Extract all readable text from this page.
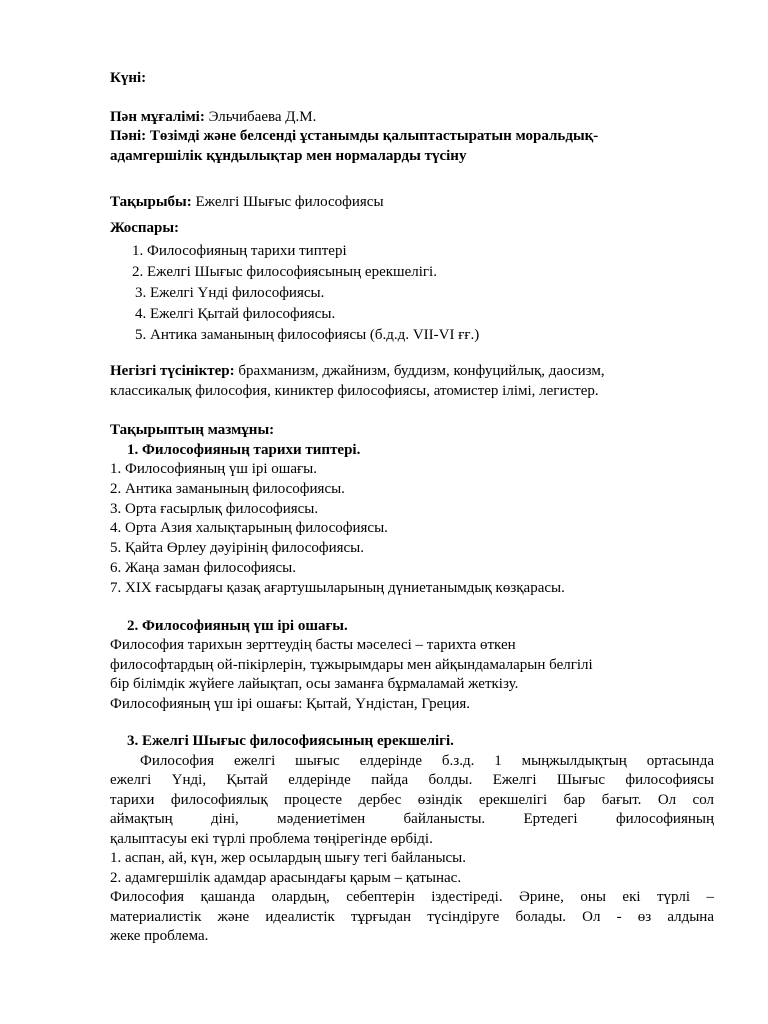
Күні:
Пән мұғалімі: Эльчибаева Д.М.
Пәні: Төзімді және белсенді ұстанымды қалыптастыратын моральдық-
адамгершілік құндылықтар мен нормаларды түсіну
Тақырыбы: Ежелгі Шығыс философиясы
Жоспары:
1. Философияның тарихи типтері
2. Ежелгі Шығыс философиясының ерекшелігі.
3. Ежелгі Үнді философиясы.
4. Ежелгі Қытай философиясы.
5. Антика заманының философиясы (б.д.д. VII-VI ғғ.)
Негізгі түсініктер: брахманизм, джайнизм, буддизм, конфуцийлық, даосизм,
классикалық философия, киниктер философиясы, атомистер ілімі, легистер.
Тақырыптың мазмұны:
1. Философияның тарихи типтері.
1. Философияның үш ірі ошағы.
2. Антика заманының философиясы.
3. Орта ғасырлық философиясы.
4. Орта Азия халықтарының философиясы.
5. Қайта Өрлеу дәуірінің философиясы.
6. Жаңа заман философиясы.
7. XIX ғасырдағы қазақ ағартушыларының дүниетанымдық көзқарасы.
2. Философияның үш ірі ошағы.
Философия тарихын зерттеудің басты мәселесі – тарихта өткен
философтардың ой-пікірлерін, тұжырымдары мен айқындамаларын белгілі
бір білімдік жүйеге лайықтап, осы заманға бұрмаламай жеткізу.
Философияның үш ірі ошағы: Қытай, Үндістан, Греция.
3. Ежелгі Шығыс философиясының ерекшелігі.
Философия ежелгі шығыс елдерінде б.з.д. 1 мыңжылдықтың ортасында
ежелгі Үнді, Қытай елдерінде пайда болды. Ежелгі Шығыс философиясы
тарихи философиялық процесте дербес өзіндік ерекшелігі бар бағыт. Ол сол
аймақтың діні, мәдениетімен байланысты. Ертедегі философияның
қалыптасуы екі түрлі проблема төңірегінде өрбіді.
1. аспан, ай, күн, жер осылардың шығу тегі байланысы.
2. адамгершілік адамдар арасындағы қарым – қатынас.
Философия қашанда олардың, себептерін іздестіреді. Әрине, оны екі түрлі –
материалистік және идеалистік тұрғыдан түсіндіруге болады. Ол - өз алдына
жеке проблема.
